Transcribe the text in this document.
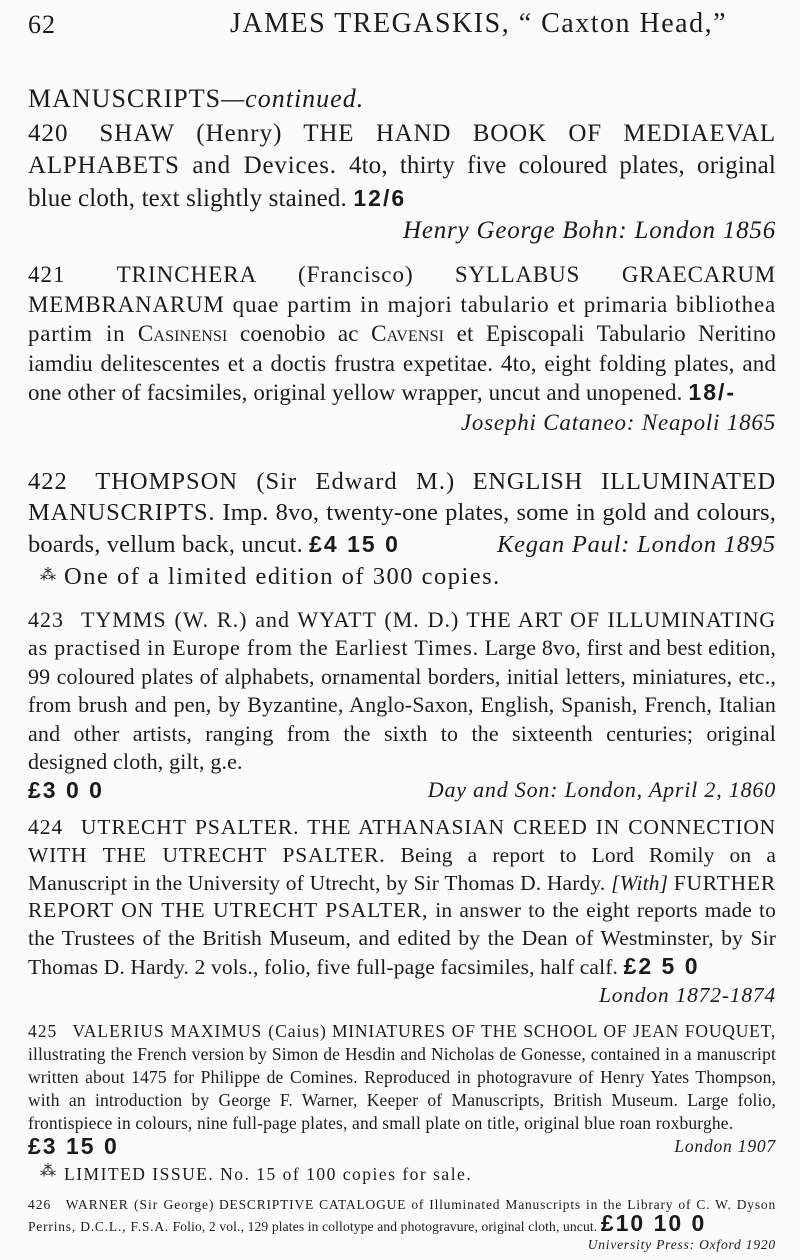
62	JAMES TREGASKIS, “ Caxton Head,”
MANUSCRIPTS—continued.
420 SHAW (Henry) THE HAND BOOK OF MEDIAEVAL ALPHABETS and Devices. 4to, thirty five coloured plates, original blue cloth, text slightly stained. 12/6
Henry George Bohn: London 1856
421 TRINCHERA (Francisco) SYLLABUS GRAECARUM MEMBRANARUM quae partim in majori tabulario et primaria bibliothea partim in Casinensi coenobio ac Cavensi et Episcopali Tabulario Neritino iamdiu delitescentes et a doctis frustra expetitae. 4to, eight folding plates, and one other of facsimiles, original yellow wrapper, uncut and unopened. 18/-
Josephi Cataneo: Neapoli 1865
422 THOMPSON (Sir Edward M.) ENGLISH ILLUMINATED MANUSCRIPTS. Imp. 8vo, twenty-one plates, some in gold and colours, boards, vellum back, uncut. £4 15 0	Kegan Paul: London 1895
⁂ One of a limited edition of 300 copies.
423 TYMMS (W. R.) and WYATT (M. D.) THE ART OF ILLUMINATING as practised in Europe from the Earliest Times. Large 8vo, first and best edition, 99 coloured plates of alphabets, ornamental borders, initial letters, miniatures, etc., from brush and pen, by Byzantine, Anglo-Saxon, English, Spanish, French, Italian and other artists, ranging from the sixth to the sixteenth centuries; original designed cloth, gilt, g.e.
£3 0 0	Day and Son: London, April 2, 1860
424 UTRECHT PSALTER. THE ATHANASIAN CREED IN CONNECTION WITH THE UTRECHT PSALTER. Being a report to Lord Romily on a Manuscript in the University of Utrecht, by Sir Thomas D. Hardy. [With] FURTHER REPORT ON THE UTRECHT PSALTER, in answer to the eight reports made to the Trustees of the British Museum, and edited by the Dean of Westminster, by Sir Thomas D. Hardy. 2 vols., folio, five full-page facsimiles, half calf. £2 5 0
London 1872-1874
425 VALERIUS MAXIMUS (Caius) MINIATURES OF THE SCHOOL OF JEAN FOUQUET, illustrating the French version by Simon de Hesdin and Nicholas de Gonesse, contained in a manuscript written about 1475 for Philippe de Comines. Reproduced in photogravure of Henry Yates Thompson, with an introduction by George F. Warner, Keeper of Manuscripts, British Museum. Large folio, frontispiece in colours, nine full-page plates, and small plate on title, original blue roan roxburghe.
£3 15 0	London 1907
⁂ LIMITED ISSUE. No. 15 of 100 copies for sale.
426 WARNER (Sir George) DESCRIPTIVE CATALOGUE of Illuminated Manuscripts in the Library of C. W. Dyson Perrins, D.C.L., F.S.A. Folio, 2 vol., 129 plates in collotype and photogravure, original cloth, uncut. £10 10 0
University Press: Oxford 1920
